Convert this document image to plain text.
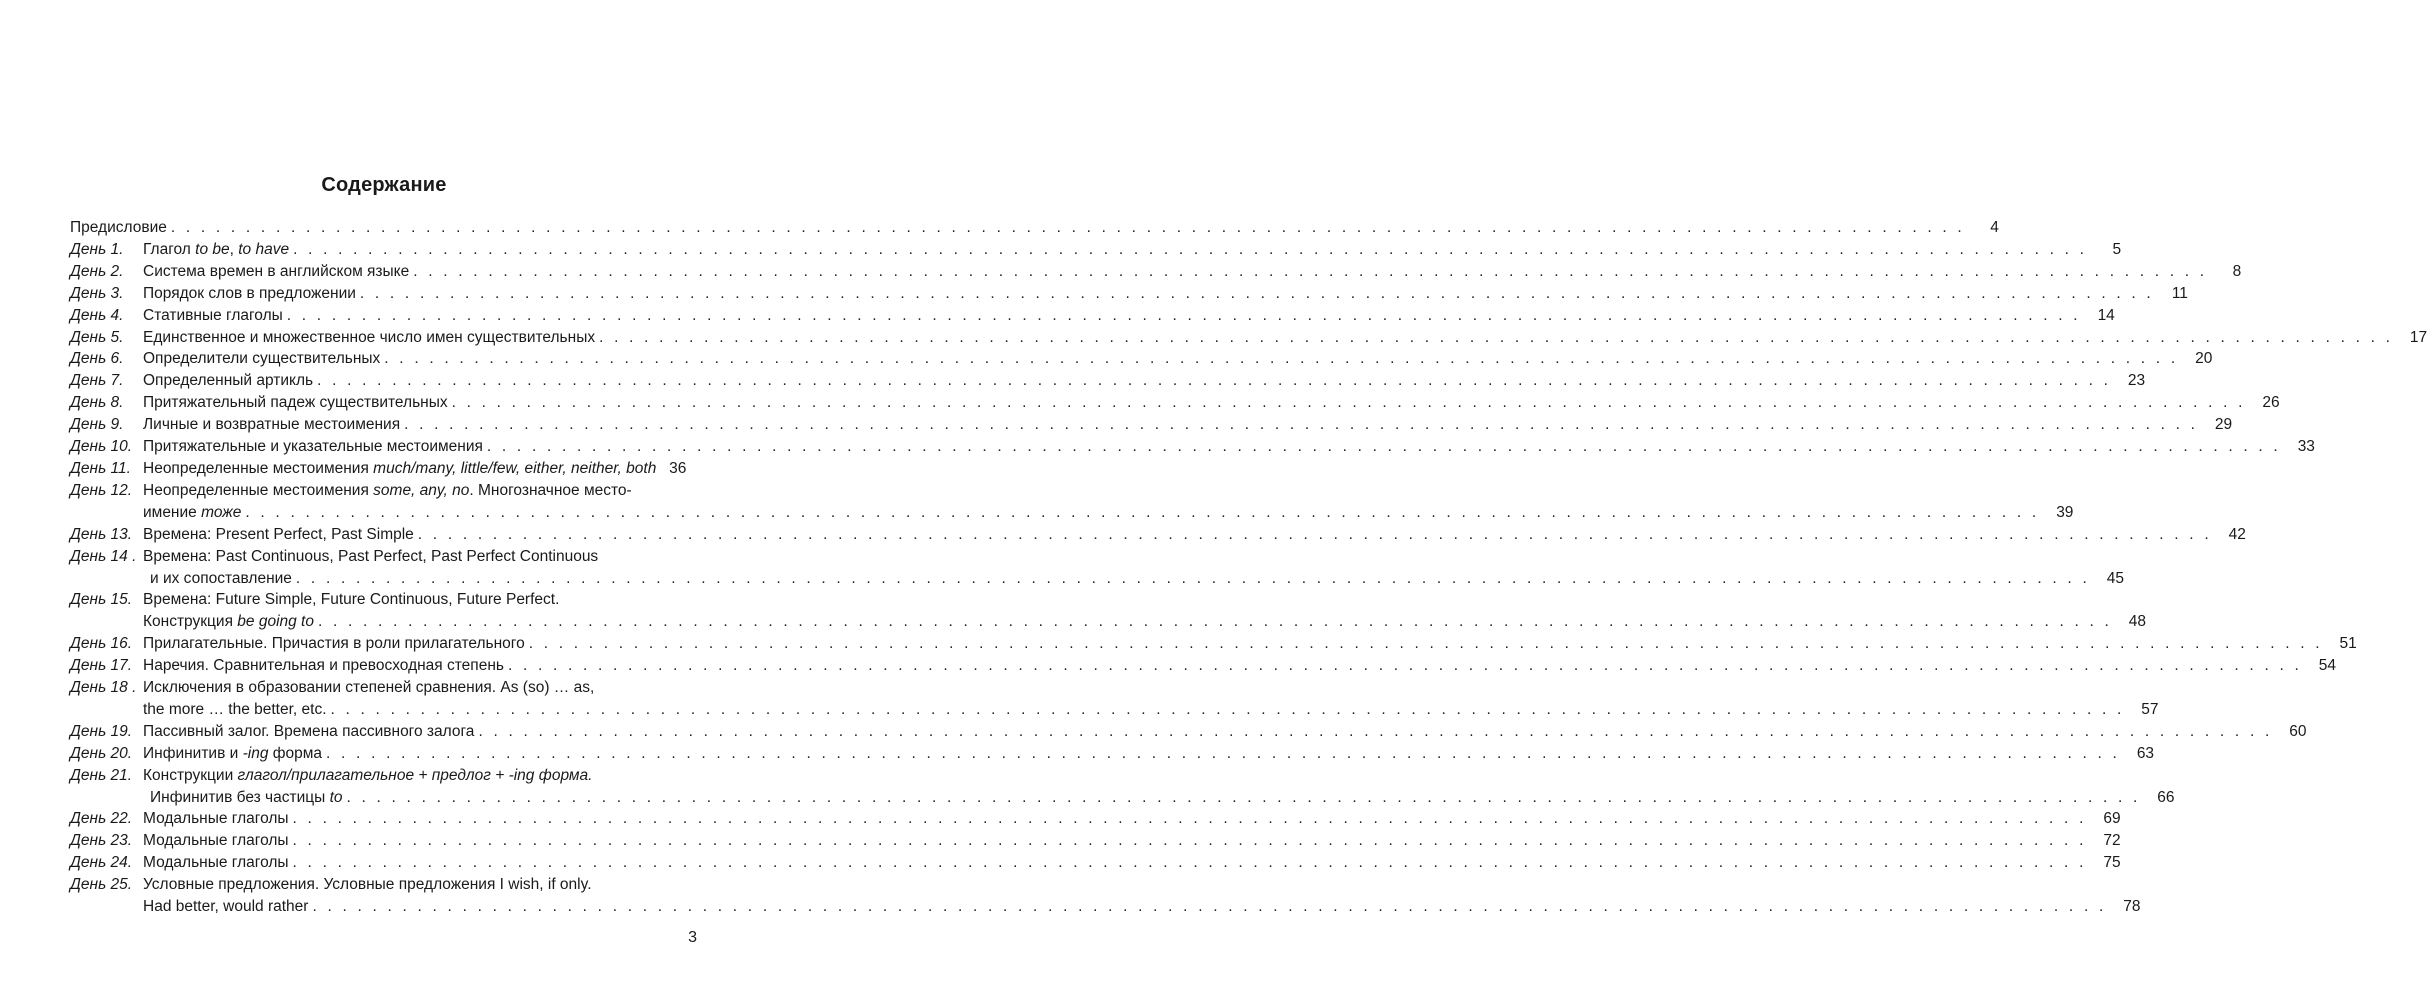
Содержание
Предисловие . . . . . . . . . . . . . . . . . . . . . . . . . . . . . . . . . . . . . . . . . . . . . . . . . . . . . . . . . . . . . . . . . . . . . . . . . . . . . . . . . . . . . . . . . . . . . . . . . . . . . . . . . . . . . . . . . . . . . . . .	4
День 1.	Глагол to be, to have . . . . . . . . . . . . . . . . . . . . . . . . . . . . . . . . . . . . . . . . . . . . . . . . . . . . . . . . . . . . . . . . . . . . . . . . . . . . . . . . . . . . . . . . . . . . . . . . . . . . . . . . . . . . . . . . . . . . . . . .	5
День 2.	Система времен в английском языке . . . . . . . . . . . . . . . . . . . . . . . . . . . . . . . . . . . . . . . . . . . . . . . . . . . . . . . . . . . . . . . . . . . . . . . . . . . . . . . . . . . . . . . . . . . . . . . . . . . . . . . . . . . . . . . . . . . . . . . .	8
День 3.	Порядок слов в предложении . . . . . . . . . . . . . . . . . . . . . . . . . . . . . . . . . . . . . . . . . . . . . . . . . . . . . . . . . . . . . . . . . . . . . . . . . . . . . . . . . . . . . . . . . . . . . . . . . . . . . . . . . . . . . . . . . . . . . . . .	11
День 4.	Стативные глаголы . . . . . . . . . . . . . . . . . . . . . . . . . . . . . . . . . . . . . . . . . . . . . . . . . . . . . . . . . . . . . . . . . . . . . . . . . . . . . . . . . . . . . . . . . . . . . . . . . . . . . . . . . . . . . . . . . . . . . . . .	14
День 5.	Единственное и множественное число имен существительных . . . . . . . . . . . . . . . . . . . . . . . . . . . . . . . . . . . . . . . . . . . . . . . . . . . . . . . . . . . . . . . . . . . . . . . . . . . . . . . . . . . . . . . . . . . . . . . . . . . . . . . . . . . . . . . . . . . . . . . .	17
День 6.	Определители существительных . . . . . . . . . . . . . . . . . . . . . . . . . . . . . . . . . . . . . . . . . . . . . . . . . . . . . . . . . . . . . . . . . . . . . . . . . . . . . . . . . . . . . . . . . . . . . . . . . . . . . . . . . . . . . . . . . . . . . . . .	20
День 7.	Определенный артикль . . . . . . . . . . . . . . . . . . . . . . . . . . . . . . . . . . . . . . . . . . . . . . . . . . . . . . . . . . . . . . . . . . . . . . . . . . . . . . . . . . . . . . . . . . . . . . . . . . . . . . . . . . . . . . . . . . . . . . . .	23
День 8.	Притяжательный падеж существительных . . . . . . . . . . . . . . . . . . . . . . . . . . . . . . . . . . . . . . . . . . . . . . . . . . . . . . . . . . . . . . . . . . . . . . . . . . . . . . . . . . . . . . . . . . . . . . . . . . . . . . . . . . . . . . . . . . . . . . . .	26
День 9.	Личные и возвратные местоимения . . . . . . . . . . . . . . . . . . . . . . . . . . . . . . . . . . . . . . . . . . . . . . . . . . . . . . . . . . . . . . . . . . . . . . . . . . . . . . . . . . . . . . . . . . . . . . . . . . . . . . . . . . . . . . . . . . . . . . . .	29
День 10. Притяжательные и указательные местоимения . . . . . . . . . . . . . . . . . . . . . . . . . . . . . . . . . . . . . . . . . . . . . . . . . . . . . . . . . . . . . . . . . . . . . . . . . . . . . . . . . . . . . . . . . . . . . . . . . . . . . . . . . . . . . . . . . . . . . . . .	33
День 11. Неопределенные местоимения much/many, little/few, either, neither, both 36
День 12. Неопределенные местоимения some, any, no. Многозначное место-
имение тоже . . . . . . . . . . . . . . . . . . . . . . . . . . . . . . . . . . . . . . . . . . . . . . . . . . . . . . . . . . . . . . . . . . . . . . . . . . . . . . . . . . . . . . . . . . . . . . . . . . . . . . . . . . . . . . . . . . . . . . . .	39
День 13. Времена: Present Perfect, Past Simple . . . . . . . . . . . . . . . . . . . . . . . . . . . . . . . . . . . . . . . . . . . . . . . . . . . . . . . . . . . . . . . . . . . . . . . . . . . . . . . . . . . . . . . . . . . . . . . . . . . . . . . . . . . . . . . . . . . . . . . .	42
День 14 . Времена: Past Continuous, Past Perfect, Past Perfect Continuous
и их сопоставление . . . . . . . . . . . . . . . . . . . . . . . . . . . . . . . . . . . . . . . . . . . . . . . . . . . . . . . . . . . . . . . . . . . . . . . . . . . . . . . . . . . . . . . . . . . . . . . . . . . . . . . . . . . . . . . . . . . . . . . .	45
День 15. Времена: Future Simple, Future Continuous, Future Perfect.
Конструкция be going to . . . . . . . . . . . . . . . . . . . . . . . . . . . . . . . . . . . . . . . . . . . . . . . . . . . . . . . . . . . . . . . . . . . . . . . . . . . . . . . . . . . . . . . . . . . . . . . . . . . . . . . . . . . . . . . . . . . . . . . .	48
День 16. Прилагательные. Причастия в роли прилагательного . . . . . . . . . . . . . . . . . . . . . . . . . . . . . . . . . . . . . . . . . . . . . . . . . . . . . . . . . . . . . . . . . . . . . . . . . . . . . . . . . . . . . . . . . . . . . . . . . . . . . . . . . . . . . . . . . . . . . . . .	51
День 17. Наречия. Сравнительная и превосходная степень . . . . . . . . . . . . . . . . . . . . . . . . . . . . . . . . . . . . . . . . . . . . . . . . . . . . . . . . . . . . . . . . . . . . . . . . . . . . . . . . . . . . . . . . . . . . . . . . . . . . . . . . . . . . . . . . . . . . . . . .	54
День 18 . Исключения в образовании степеней сравнения. As (so) … as,
the more … the better, etc. . . . . . . . . . . . . . . . . . . . . . . . . . . . . . . . . . . . . . . . . . . . . . . . . . . . . . . . . . . . . . . . . . . . . . . . . . . . . . . . . . . . . . . . . . . . . . . . . . . . . . . . . . . . . . . . . . . . . . . . .	57
День 19. Пассивный залог. Времена пассивного залога . . . . . . . . . . . . . . . . . . . . . . . . . . . . . . . . . . . . . . . . . . . . . . . . . . . . . . . . . . . . . . . . . . . . . . . . . . . . . . . . . . . . . . . . . . . . . . . . . . . . . . . . . . . . . . . . . . . . . . . .	60
День 20. Инфинитив и -ing форма . . . . . . . . . . . . . . . . . . . . . . . . . . . . . . . . . . . . . . . . . . . . . . . . . . . . . . . . . . . . . . . . . . . . . . . . . . . . . . . . . . . . . . . . . . . . . . . . . . . . . . . . . . . . . . . . . . . . . . . .	63
День 21. Конструкции глагол/прилагательное + предлог + -ing форма.
Инфинитив без частицы to . . . . . . . . . . . . . . . . . . . . . . . . . . . . . . . . . . . . . . . . . . . . . . . . . . . . . . . . . . . . . . . . . . . . . . . . . . . . . . . . . . . . . . . . . . . . . . . . . . . . . . . . . . . . . . . . . . . . . . . .	66
День 22. Модальные глаголы . . . . . . . . . . . . . . . . . . . . . . . . . . . . . . . . . . . . . . . . . . . . . . . . . . . . . . . . . . . . . . . . . . . . . . . . . . . . . . . . . . . . . . . . . . . . . . . . . . . . . . . . . . . . . . . . . . . . . . . .	69
День 23. Модальные глаголы . . . . . . . . . . . . . . . . . . . . . . . . . . . . . . . . . . . . . . . . . . . . . . . . . . . . . . . . . . . . . . . . . . . . . . . . . . . . . . . . . . . . . . . . . . . . . . . . . . . . . . . . . . . . . . . . . . . . . . . .	72
День 24. Модальные глаголы . . . . . . . . . . . . . . . . . . . . . . . . . . . . . . . . . . . . . . . . . . . . . . . . . . . . . . . . . . . . . . . . . . . . . . . . . . . . . . . . . . . . . . . . . . . . . . . . . . . . . . . . . . . . . . . . . . . . . . . .	75
День 25. Условные предложения. Условные предложения I wish, if only.
Had better, would rather . . . . . . . . . . . . . . . . . . . . . . . . . . . . . . . . . . . . . . . . . . . . . . . . . . . . . . . . . . . . . . . . . . . . . . . . . . . . . . . . . . . . . . . . . . . . . . . . . . . . . . . . . . . . . . . . . . . . . . . .	78
3
